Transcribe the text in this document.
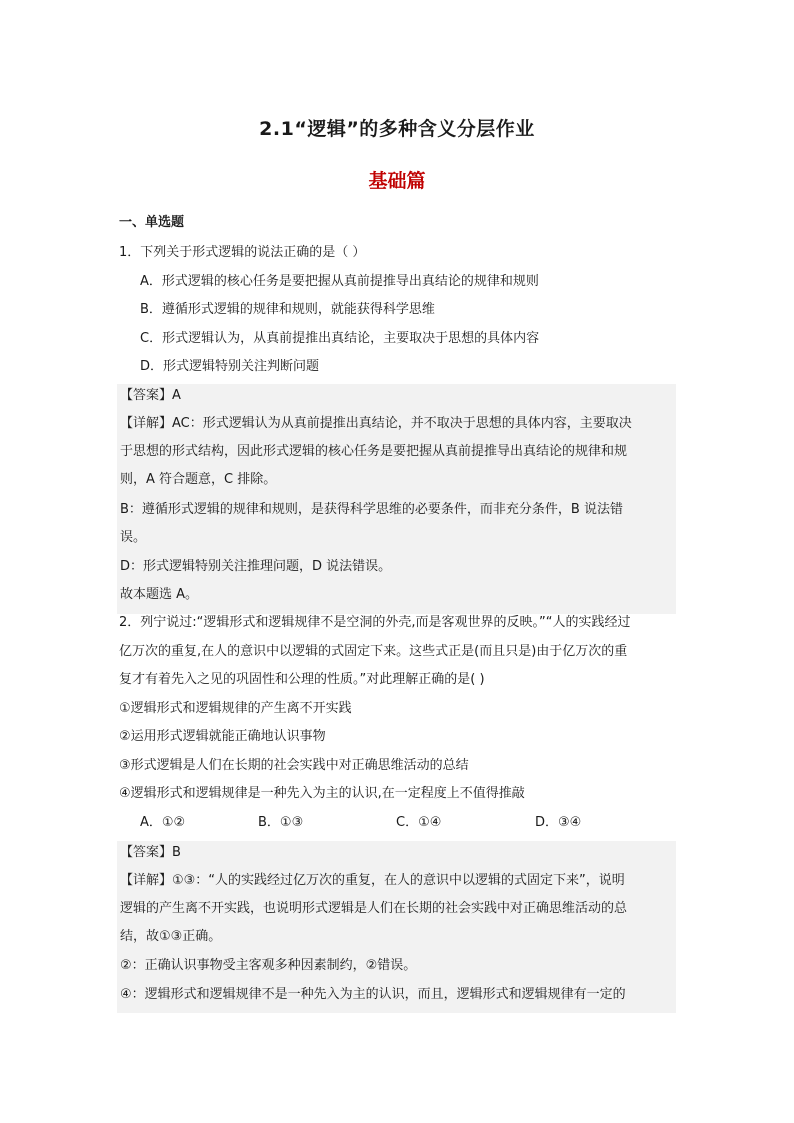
2.1“逻辑”的多种含义分层作业
基础篇
一、单选题
1．下列关于形式逻辑的说法正确的是（ ）
A．形式逻辑的核心任务是要把握从真前提推导出真结论的规律和规则
B．遵循形式逻辑的规律和规则，就能获得科学思维
C．形式逻辑认为，从真前提推出真结论，主要取决于思想的具体内容
D．形式逻辑特别关注判断问题
【答案】A
【详解】AC：形式逻辑认为从真前提推出真结论，并不取决于思想的具体内容，主要取决
于思想的形式结构，因此形式逻辑的核心任务是要把握从真前提推导出真结论的规律和规
则，A 符合题意，C 排除。
B：遵循形式逻辑的规律和规则，是获得科学思维的必要条件，而非充分条件，B 说法错
误。
D：形式逻辑特别关注推理问题，D 说法错误。
故本题选 A。
2．列宁说过:“逻辑形式和逻辑规律不是空洞的外壳,而是客观世界的反映。”“人的实践经过
亿万次的重复,在人的意识中以逻辑的式固定下来。这些式正是(而且只是)由于亿万次的重
复才有着先入之见的巩固性和公理的性质。”对此理解正确的是( )
①逻辑形式和逻辑规律的产生离不开实践
②运用形式逻辑就能正确地认识事物
③形式逻辑是人们在长期的社会实践中对正确思维活动的总结
④逻辑形式和逻辑规律是一种先入为主的认识,在一定程度上不值得推敲
A．①②	B．①③	C．①④	D．③④
【答案】B
【详解】①③：“人的实践经过亿万次的重复，在人的意识中以逻辑的式固定下来”，说明
逻辑的产生离不开实践，也说明形式逻辑是人们在长期的社会实践中对正确思维活动的总
结，故①③正确。
②：正确认识事物受主客观多种因素制约，②错误。
④：逻辑形式和逻辑规律不是一种先入为主的认识，而且，逻辑形式和逻辑规律有一定的
